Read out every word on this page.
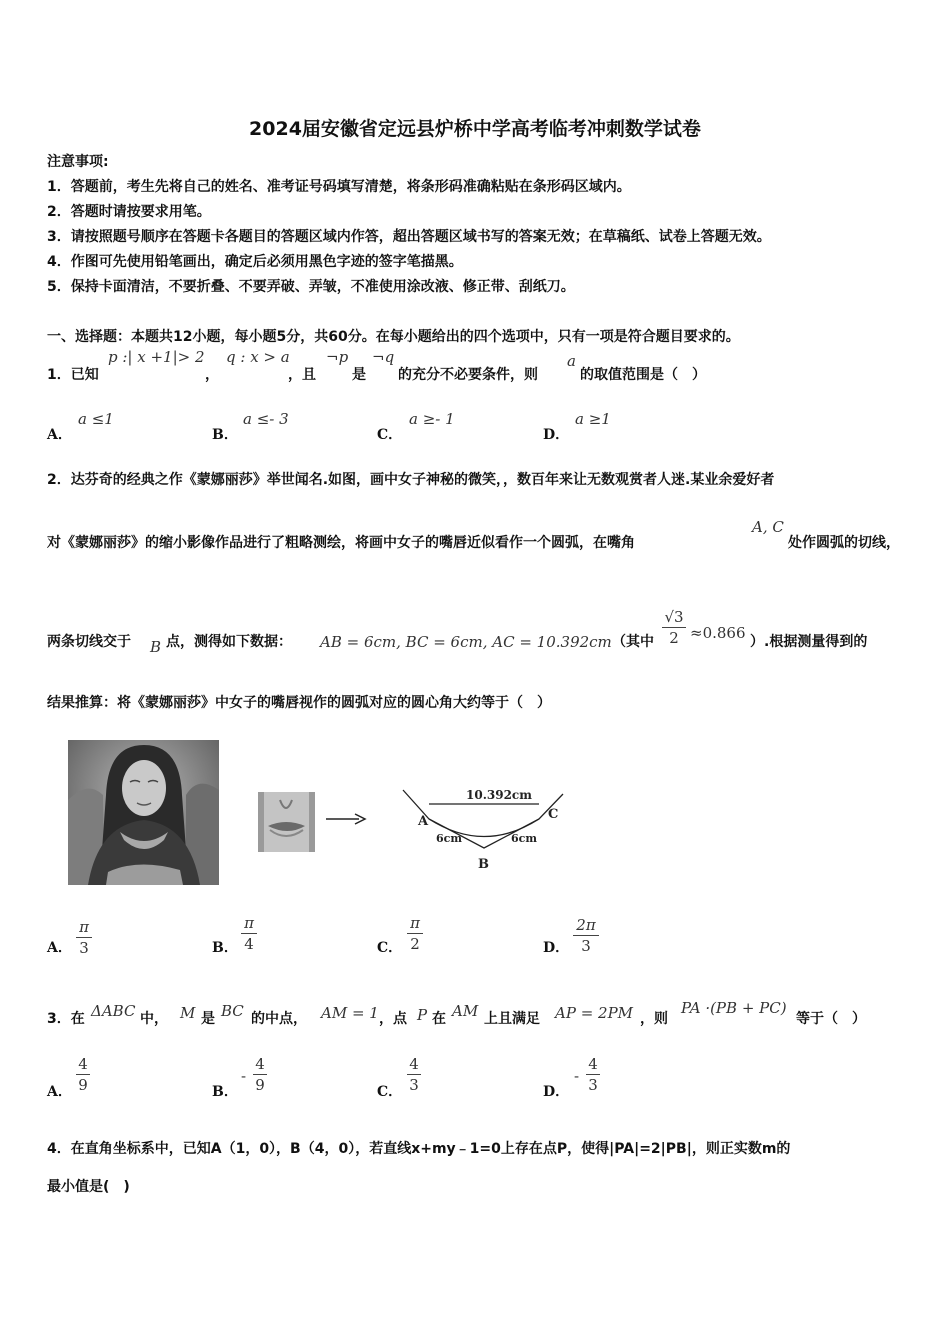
2024届安徽省定远县炉桥中学高考临考冲刺数学试卷
注意事项:
1．答题前，考生先将自己的姓名、准考证号码填写清楚，将条形码准确粘贴在条形码区域内。
2．答题时请按要求用笔。
3．请按照题号顺序在答题卡各题目的答题区域内作答，超出答题区域书写的答案无效；在草稿纸、试卷上答题无效。
4．作图可先使用铅笔画出，确定后必须用黑色字迹的签字笔描黑。
5．保持卡面清洁，不要折叠、不要弄破、弄皱，不准使用涂改液、修正带、刮纸刀。
一、选择题：本题共12小题，每小题5分，共60分。在每小题给出的四个选项中，只有一项是符合题目要求的。
1．已知
p :| x +1|> 2
，
q : x > a
，且
¬p
是
¬q
的充分不必要条件，则
a
的取值范围是（　）
A．
a ≤1
B．
a ≤- 3
C．
a ≥- 1
D．
a ≥1
2．达芬奇的经典之作《蒙娜丽莎》举世闻名.如图，画中女子神秘的微笑，，数百年来让无数观赏者人迷.某业余爱好者
对《蒙娜丽莎》的缩小影像作品进行了粗略测绘，将画中女子的嘴唇近似看作一个圆弧，在嘴角
A, C
处作圆弧的切线，
两条切线交于 B 点，测得如下数据： AB = 6cm, BC = 6cm, AC = 10.392cm （其中
√3
2 ≈0.866 ）.根据测量得到的
结果推算：将《蒙娜丽莎》中女子的嘴唇视作的圆弧对应的圆心角大约等于（　）
10.392cm
A	C
B
6cm	6cm
A．
π
3	B．
π
4	C．
π
2	D．
2π
3
3．在 ΔABC 中， M 是 BC 的中点， AM = 1 ，点 P 在 AM 上且满足 AP = 2PM ，则
PA ·(PB + PC)
等于（　）
A．
4
9	B．
-
4
9	C．
4
3	D．
-
4
3
4．在直角坐标系中，已知A（1，0），B（4，0），若直线x+my﹣1=0上存在点P，使得|PA|=2|PB|，则正实数m的
最小值是(　)
